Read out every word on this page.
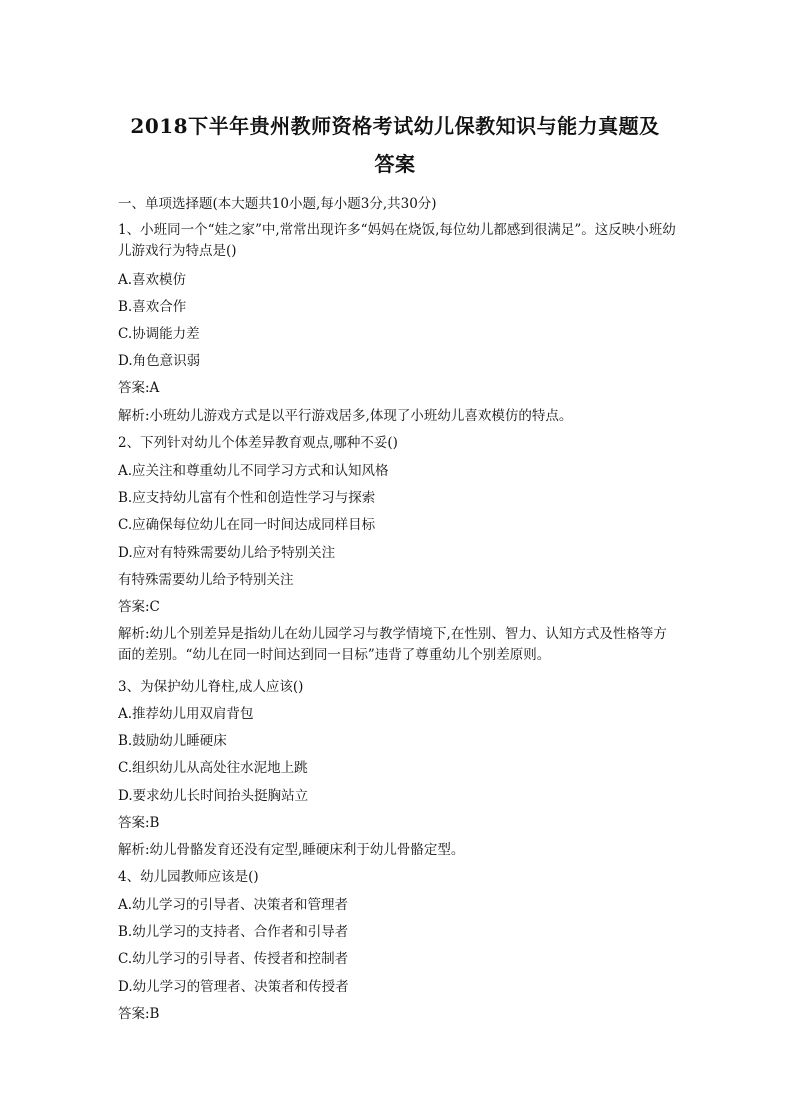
2018下半年贵州教师资格考试幼儿保教知识与能力真题及
答案
一、单项选择题(本大题共10小题,每小题3分,共30分)
1、小班同一个“娃之家”中,常常出现许多“妈妈在烧饭,每位幼儿都感到很满足”。这反映小班幼儿游戏行为特点是()
A.喜欢模仿
B.喜欢合作
C.协调能力差
D.角色意识弱
答案:A
解析:小班幼儿游戏方式是以平行游戏居多,体现了小班幼儿喜欢模仿的特点。
2、下列针对幼儿个体差异教育观点,哪种不妥()
A.应关注和尊重幼儿不同学习方式和认知风格
B.应支持幼儿富有个性和创造性学习与探索
C.应确保每位幼儿在同一时间达成同样目标
D.应对有特殊需要幼儿给予特别关注
有特殊需要幼儿给予特别关注
答案:C
解析:幼儿个别差异是指幼儿在幼儿园学习与教学情境下,在性别、智力、认知方式及性格等方面的差别。“幼儿在同一时间达到同一目标”违背了尊重幼儿个别差原则。
3、为保护幼儿脊柱,成人应该()
A.推荐幼儿用双肩背包
B.鼓励幼儿睡硬床
C.组织幼儿从高处往水泥地上跳
D.要求幼儿长时间抬头挺胸站立
答案:B
解析:幼儿骨骼发育还没有定型,睡硬床利于幼儿骨骼定型。
4、幼儿园教师应该是()
A.幼儿学习的引导者、决策者和管理者
B.幼儿学习的支持者、合作者和引导者
C.幼儿学习的引导者、传授者和控制者
D.幼儿学习的管理者、决策者和传授者
答案:B
